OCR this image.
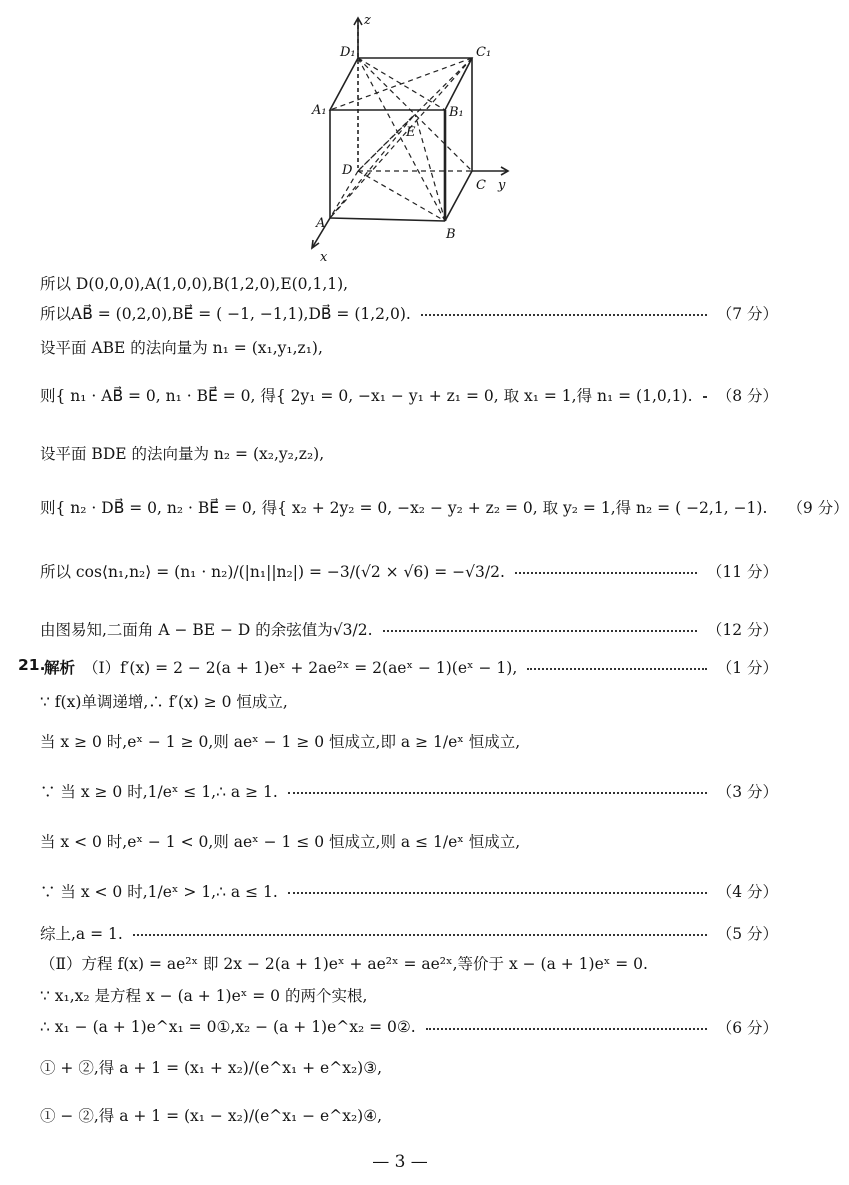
z
D₁	C₁
A₁	B₁
E
D
C y
A
B
x
所以 D(0,0,0),A(1,0,0),B(1,2,0),E(0,1,1),
所以AB⃗ = (0,2,0),BE⃗ = ( −1, −1,1),DB⃗ = (1,2,0).	（7 分）
设平面 ABE 的法向量为 n₁ = (x₁,y₁,z₁),
则{ n₁ · AB⃗ = 0, n₁ · BE⃗ = 0, 得{ 2y₁ = 0, −x₁ − y₁ + z₁ = 0, 取 x₁ = 1,得 n₁ = (1,0,1). （8 分）
设平面 BDE 的法向量为 n₂ = (x₂,y₂,z₂),
则{ n₂ · DB⃗ = 0, n₂ · BE⃗ = 0, 得{ x₂ + 2y₂ = 0, −x₂ − y₂ + z₂ = 0, 取 y₂ = 1,得 n₂ = ( −2,1, −1). （9 分）
所以 cos⟨n₁,n₂⟩ = (n₁ · n₂)/(|n₁||n₂|) = −3/(√2 × √6) = −√3/2.	（11 分）
由图易知,二面角 A − BE − D 的余弦值为√3/2.	（12 分）
21.
解析 （Ⅰ）f′(x) = 2 − 2(a + 1)eˣ + 2ae²ˣ = 2(aeˣ − 1)(eˣ − 1),	（1 分）
∵ f(x)单调递增,∴ f′(x) ≥ 0 恒成立,
当 x ≥ 0 时,eˣ − 1 ≥ 0,则 aeˣ − 1 ≥ 0 恒成立,即 a ≥ 1/eˣ 恒成立,
∵ 当 x ≥ 0 时,1/eˣ ≤ 1,∴ a ≥ 1.	（3 分）
当 x < 0 时,eˣ − 1 < 0,则 aeˣ − 1 ≤ 0 恒成立,则 a ≤ 1/eˣ 恒成立,
∵ 当 x < 0 时,1/eˣ > 1,∴ a ≤ 1.	（4 分）
综上,a = 1.	（5 分）
（Ⅱ）方程 f(x) = ae²ˣ 即 2x − 2(a + 1)eˣ + ae²ˣ = ae²ˣ,等价于 x − (a + 1)eˣ = 0.
∵ x₁,x₂ 是方程 x − (a + 1)eˣ = 0 的两个实根,
∴ x₁ − (a + 1)e^x₁ = 0①,x₂ − (a + 1)e^x₂ = 0②.	（6 分）
① + ②,得 a + 1 = (x₁ + x₂)/(e^x₁ + e^x₂)③,
① − ②,得 a + 1 = (x₁ − x₂)/(e^x₁ − e^x₂)④,
— 3 —
